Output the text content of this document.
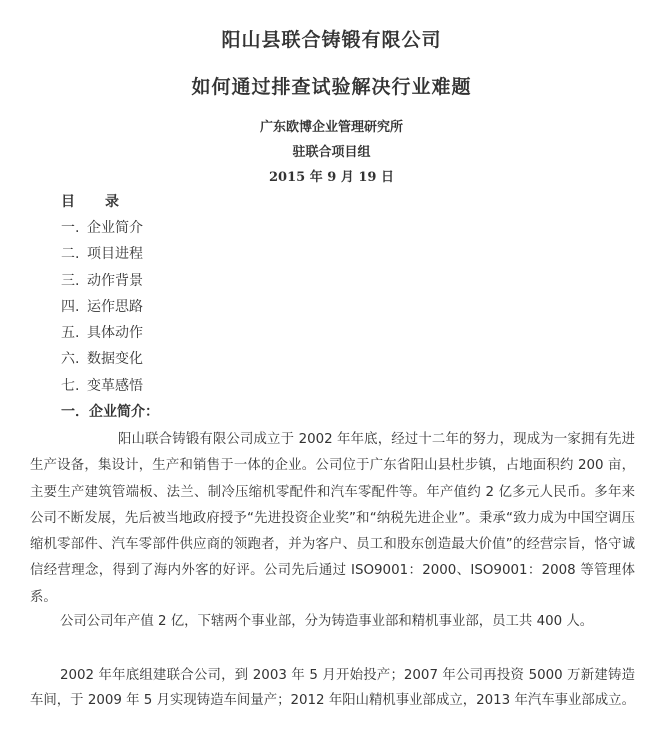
阳山县联合铸锻有限公司
如何通过排查试验解决行业难题
广东欧博企业管理研究所
驻联合项目组
2015 年 9 月 19 日
目 录
一. 企业简介
二. 项目进程
三. 动作背景
四. 运作思路
五. 具体动作
六. 数据变化
七. 变革感悟
一．企业简介：

阳山联合铸锻有限公司成立于 2002 年年底，经过十二年的努力，现成为一家拥有先进生产设备，集设计，生产和销售于一体的企业。公司位于广东省阳山县杜步镇，占地面积约 200 亩，主要生产建筑管端板、法兰、制冷压缩机零配件和汽车零配件等。年产值约 2 亿多元人民币。多年来公司不断发展，先后被当地政府授予“先进投资企业奖”和“纳税先进企业”。秉承“致力成为中国空调压缩机零部件、汽车零部件供应商的领跑者，并为客户、员工和股东创造最大价值”的经营宗旨，恪守诚信经营理念，得到了海内外客的好评。公司先后通过 ISO9001：2000、ISO9001：2008 等管理体系。

公司公司年产值 2 亿，下辖两个事业部，分为铸造事业部和精机事业部，员工共 400 人。

2002 年年底组建联合公司，到 2003 年 5 月开始投产；2007 年公司再投资 5000 万新建铸造车间，于 2009 年 5 月实现铸造车间量产；2012 年阳山精机事业部成立，2013 年汽车事业部成立。
